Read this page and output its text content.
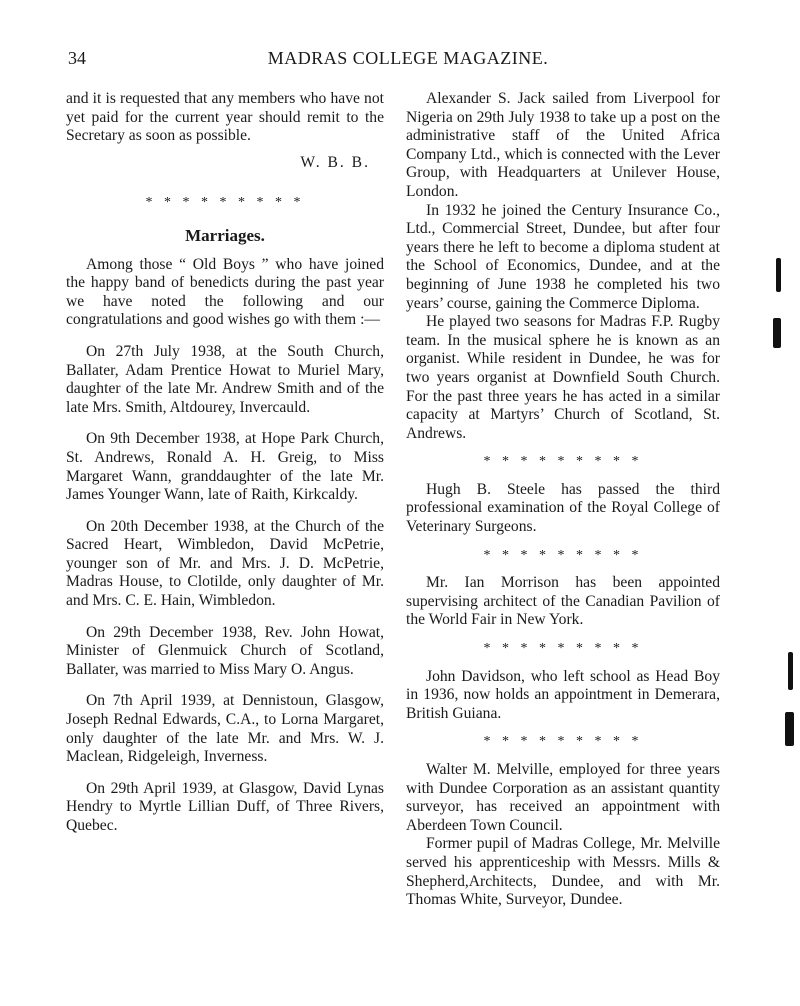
34	MADRAS COLLEGE MAGAZINE.

and it is requested that any members who have not yet paid for the current year should remit to the Secretary as soon as possible.

W. B. B.

* * * * * * * * *
Marriages.

Among those “ Old Boys ” who have joined the happy band of benedicts during the past year we have noted the following and our congratulations and good wishes go with them :—

On 27th July 1938, at the South Church, Ballater, Adam Prentice Howat to Muriel Mary, daughter of the late Mr. Andrew Smith and of the late Mrs. Smith, Altdourey, Invercauld.

On 9th December 1938, at Hope Park Church, St. Andrews, Ronald A. H. Greig, to Miss Margaret Wann, granddaughter of the late Mr. James Younger Wann, late of Raith, Kirkcaldy.

On 20th December 1938, at the Church of the Sacred Heart, Wimbledon, David McPetrie, younger son of Mr. and Mrs. J. D. McPetrie, Madras House, to Clotilde, only daughter of Mr. and Mrs. C. E. Hain, Wimbledon.

On 29th December 1938, Rev. John Howat, Minister of Glenmuick Church of Scotland, Ballater, was married to Miss Mary O. Angus.

On 7th April 1939, at Dennistoun, Glasgow, Joseph Rednal Edwards, C.A., to Lorna Margaret, only daughter of the late Mr. and Mrs. W. J. Maclean, Ridgeleigh, Inverness.

On 29th April 1939, at Glasgow, David Lynas Hendry to Myrtle Lillian Duff, of Three Rivers, Quebec.

Alexander S. Jack sailed from Liverpool for Nigeria on 29th July 1938 to take up a post on the administrative staff of the United Africa Company Ltd., which is connected with the Lever Group, with Headquarters at Unilever House, London.

In 1932 he joined the Century Insurance Co., Ltd., Commercial Street, Dundee, but after four years there he left to become a diploma student at the School of Economics, Dundee, and at the beginning of June 1938 he completed his two years’ course, gaining the Commerce Diploma.

He played two seasons for Madras F.P. Rugby team. In the musical sphere he is known as an organist. While resident in Dundee, he was for two years organist at Downfield South Church. For the past three years he has acted in a similar capacity at Martyrs’ Church of Scotland, St. Andrews.

* * * * * * * * *

Hugh B. Steele has passed the third professional examination of the Royal College of Veterinary Surgeons.

* * * * * * * * *

Mr. Ian Morrison has been appointed supervising architect of the Canadian Pavilion of the World Fair in New York.

* * * * * * * * *

John Davidson, who left school as Head Boy in 1936, now holds an appointment in Demerara, British Guiana.

* * * * * * * * *

Walter M. Melville, employed for three years with Dundee Corporation as an assistant quantity surveyor, has received an appointment with Aberdeen Town Council.

Former pupil of Madras College, Mr. Melville served his apprenticeship with Messrs. Mills & Shepherd,Architects, Dundee, and with Mr. Thomas White, Surveyor, Dundee.
